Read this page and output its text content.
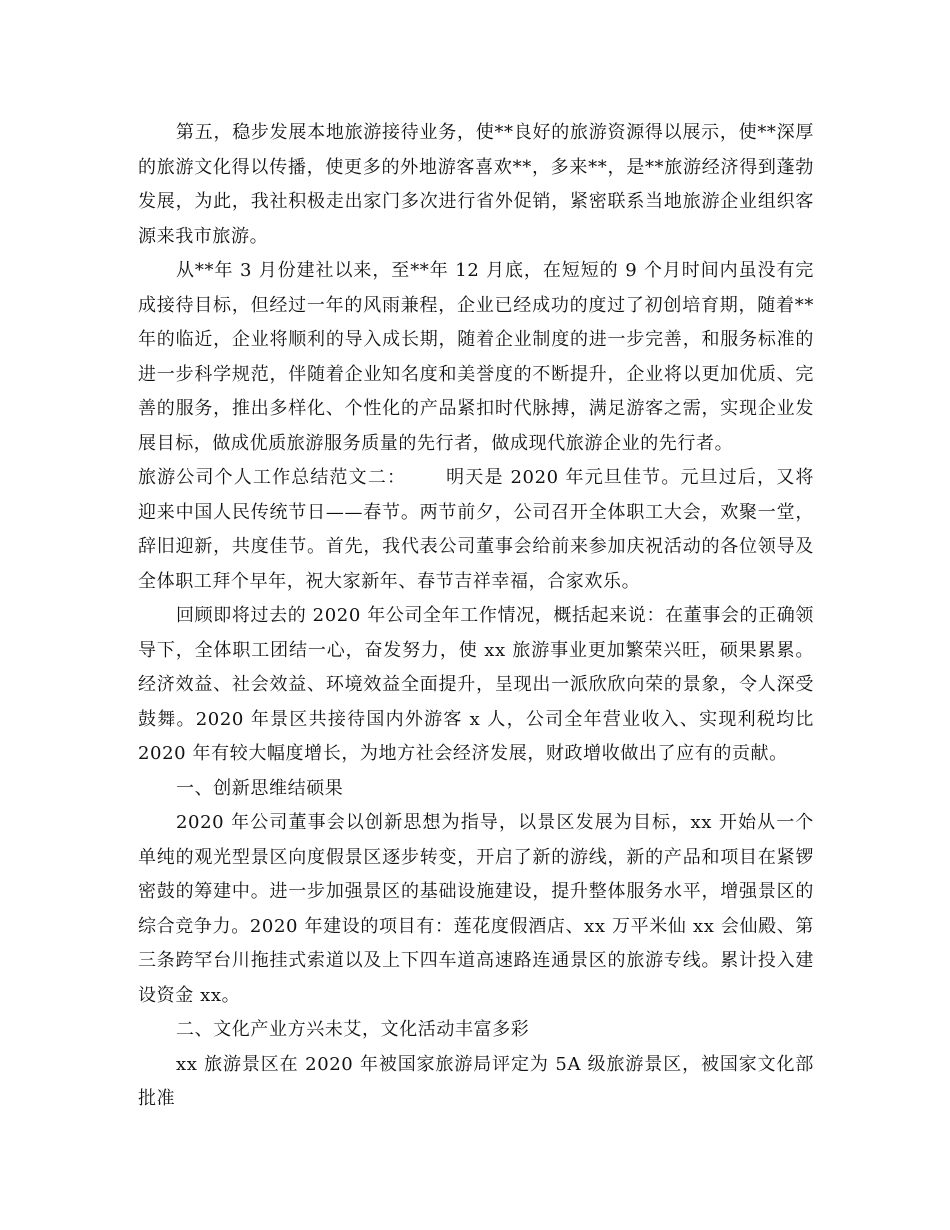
第五，稳步发展本地旅游接待业务，使**良好的旅游资源得以展示，使**深厚的旅游文化得以传播，使更多的外地游客喜欢**，多来**，是**旅游经济得到蓬勃发展，为此，我社积极走出家门多次进行省外促销，紧密联系当地旅游企业组织客源来我市旅游。

从**年 3 月份建社以来，至**年 12 月底，在短短的 9 个月时间内虽没有完成接待目标，但经过一年的风雨兼程，企业已经成功的度过了初创培育期，随着**年的临近，企业将顺利的导入成长期，随着企业制度的进一步完善，和服务标准的进一步科学规范，伴随着企业知名度和美誉度的不断提升，企业将以更加优质、完善的服务，推出多样化、个性化的产品紧扣时代脉搏，满足游客之需，实现企业发展目标，做成优质旅游服务质量的先行者，做成现代旅游企业的先行者。

旅游公司个人工作总结范文二： 明天是 2020 年元旦佳节。元旦过后，又将迎来中国人民传统节日——春节。两节前夕，公司召开全体职工大会，欢聚一堂，辞旧迎新，共度佳节。首先，我代表公司董事会给前来参加庆祝活动的各位领导及全体职工拜个早年，祝大家新年、春节吉祥幸福，合家欢乐。

回顾即将过去的 2020 年公司全年工作情况，概括起来说：在董事会的正确领导下，全体职工团结一心，奋发努力，使 xx 旅游事业更加繁荣兴旺，硕果累累。经济效益、社会效益、环境效益全面提升，呈现出一派欣欣向荣的景象，令人深受鼓舞。2020 年景区共接待国内外游客 x 人，公司全年营业收入、实现利税均比 2020 年有较大幅度增长，为地方社会经济发展，财政增收做出了应有的贡献。

一、创新思维结硕果

2020 年公司董事会以创新思想为指导，以景区发展为目标，xx 开始从一个单纯的观光型景区向度假景区逐步转变，开启了新的游线，新的产品和项目在紧锣密鼓的筹建中。进一步加强景区的基础设施建设，提升整体服务水平，增强景区的综合竞争力。2020 年建设的项目有：莲花度假酒店、xx 万平米仙 xx 会仙殿、第三条跨罕台川拖挂式索道以及上下四车道高速路连通景区的旅游专线。累计投入建设资金 xx。

二、文化产业方兴未艾，文化活动丰富多彩

xx 旅游景区在 2020 年被国家旅游局评定为 5A 级旅游景区，被国家文化部批准
